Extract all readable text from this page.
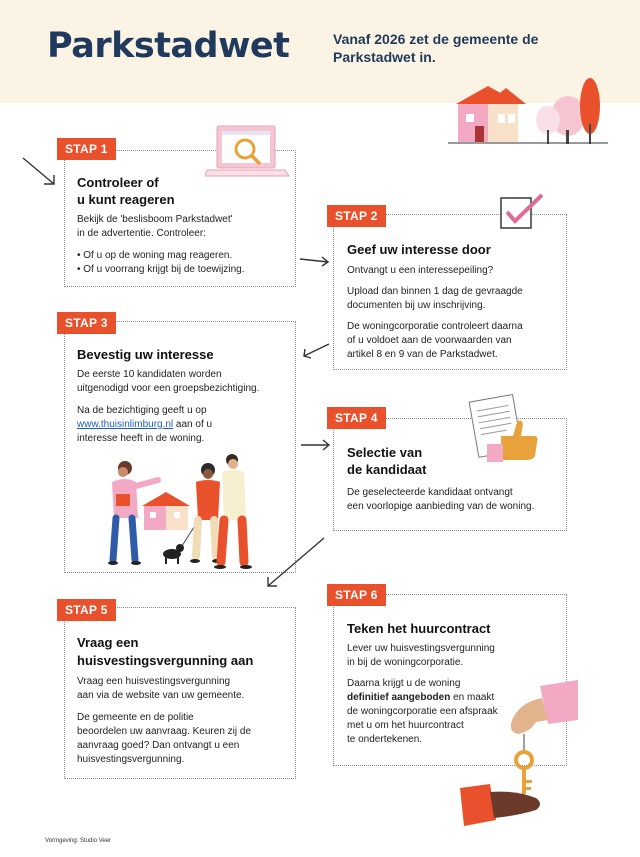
Parkstadwet	Vanaf 2026 zet de gemeente de Parkstadwet in.
STAP 1
Controleer of
u kunt reageren
Bekijk de 'beslisboom Parkstadwet'
in de advertentie. Controleer:
• Of u op de woning mag reageren.
• Of u voorrang krijgt bij de toewijzing.
STAP 2
Geef uw interesse door
Ontvangt u een interessepeiling?
Upload dan binnen 1 dag de gevraagde
documenten bij uw inschrijving.
De woningcorporatie controleert daarna
of u voldoet aan de voorwaarden van
artikel 8 en 9 van de Parkstadwet.
STAP 3
Bevestig uw interesse
De eerste 10 kandidaten worden
uitgenodigd voor een groepsbezichtiging.
Na de bezichtiging geeft u op
www.thuisinlimburg.nl aan of u
interesse heeft in de woning.
STAP 4
Selectie van
de kandidaat
De geselecteerde kandidaat ontvangt
een voorlopige aanbieding van de woning.
STAP 5
Vraag een
huisvestingsvergunning aan
Vraag een huisvestingsvergunning
aan via de website van uw gemeente.
De gemeente en de politie
beoordelen uw aanvraag. Keuren zij de
aanvraag goed? Dan ontvangt u een
huisvestingsvergunning.
STAP 6
Teken het huurcontract
Lever uw huisvestingsvergunning
in bij de woningcorporatie.
Daarna krijgt u de woning
definitief aangeboden en maakt
de woningcorporatie een afspraak
met u om het huurcontract
te ondertekenen.
Vormgeving: Studio Veer
